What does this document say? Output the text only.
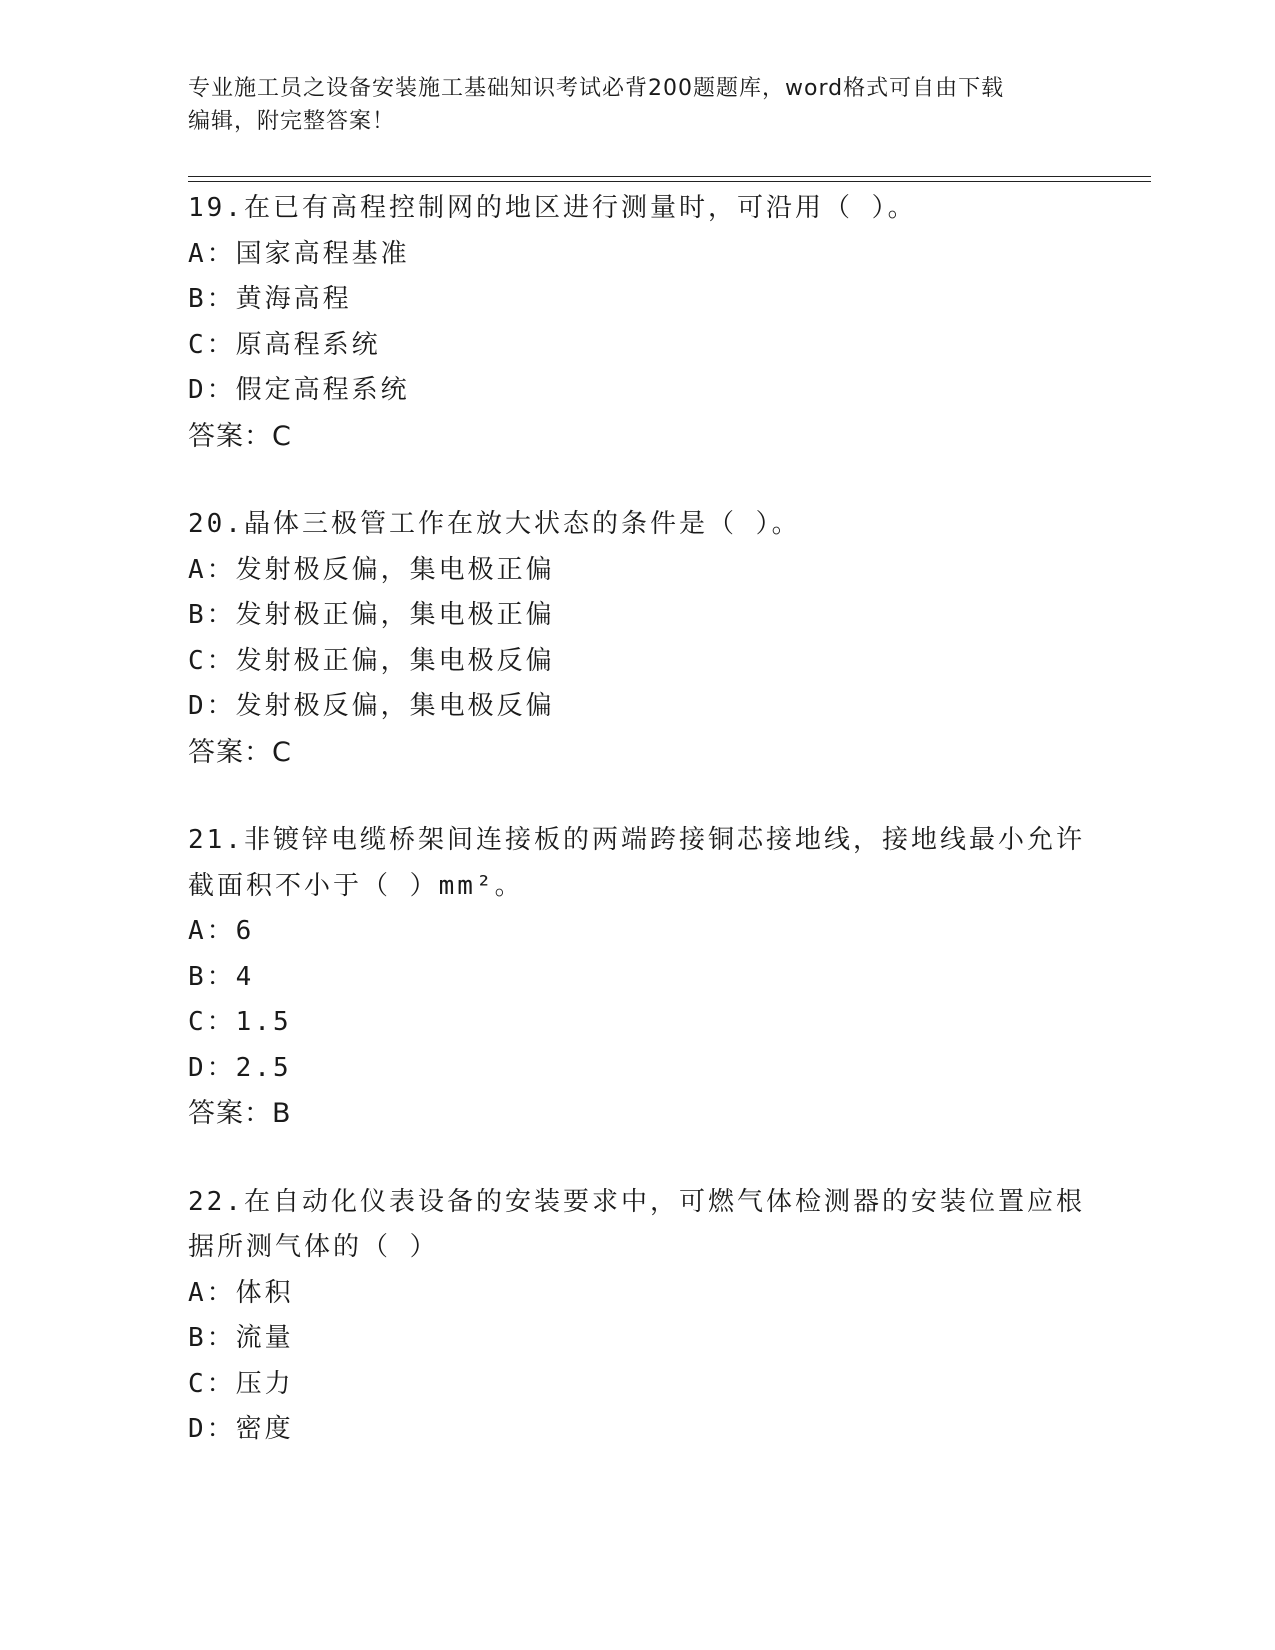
专业施工员之设备安装施工基础知识考试必背200题题库，word格式可自由下载
编辑，附完整答案！
19.在已有高程控制网的地区进行测量时，可沿用（ ）。
A：国家高程基准
B：黄海高程
C：原高程系统
D：假定高程系统
答案：C
20.晶体三极管工作在放大状态的条件是（ ）。
A：发射极反偏，集电极正偏
B：发射极正偏，集电极正偏
C：发射极正偏，集电极反偏
D：发射极反偏，集电极反偏
答案：C
21.非镀锌电缆桥架间连接板的两端跨接铜芯接地线，接地线最小允许
截面积不小于（ ）mm²。
A：6
B：4
C：1.5
D：2.5
答案：B
22.在自动化仪表设备的安装要求中，可燃气体检测器的安装位置应根
据所测气体的（ ）
A：体积
B：流量
C：压力
D：密度
